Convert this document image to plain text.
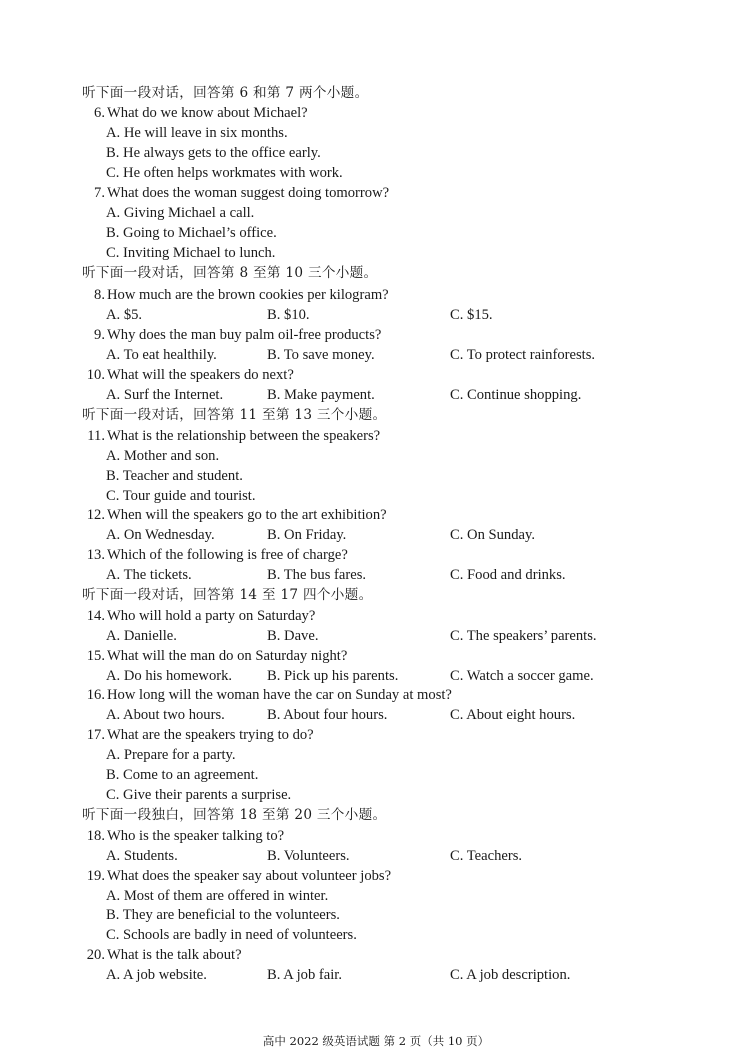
听下面一段对话，回答第 6 和第 7 两个小题。
6. What do we know about Michael?
A. He will leave in six months.
B. He always gets to the office early.
C. He often helps workmates with work.
7. What does the woman suggest doing tomorrow?
A. Giving Michael a call.
B. Going to Michael’s office.
C. Inviting Michael to lunch.
听下面一段对话，回答第 8 至第 10 三个小题。
8. How much are the brown cookies per kilogram?
A. $5.	B. $10.	C. $15.
9. Why does the man buy palm oil-free products?
A. To eat healthily.	B. To save money.	C. To protect rainforests.
10. What will the speakers do next?
A. Surf the Internet.	B. Make payment.	C. Continue shopping.
听下面一段对话，回答第 11 至第 13 三个小题。
11. What is the relationship between the speakers?
A. Mother and son.
B. Teacher and student.
C. Tour guide and tourist.
12. When will the speakers go to the art exhibition?
A. On Wednesday.	B. On Friday.	C. On Sunday.
13. Which of the following is free of charge?
A. The tickets.	B. The bus fares.	C. Food and drinks.
听下面一段对话，回答第 14 至 17 四个小题。
14. Who will hold a party on Saturday?
A. Danielle.	B. Dave.	C. The speakers’ parents.
15. What will the man do on Saturday night?
A. Do his homework. B. Pick up his parents.	C. Watch a soccer game.
16. How long will the woman have the car on Sunday at most?
A. About two hours.	B. About four hours.	C. About eight hours.
17. What are the speakers trying to do?
A. Prepare for a party.
B. Come to an agreement.
C. Give their parents a surprise.
听下面一段独白，回答第 18 至第 20 三个小题。
18. Who is the speaker talking to?
A. Students.	B. Volunteers.	C. Teachers.
19. What does the speaker say about volunteer jobs?
A. Most of them are offered in winter.
B. They are beneficial to the volunteers.
C. Schools are badly in need of volunteers.
20. What is the talk about?
A. A job website.	B. A job fair.	C. A job description.
高中 2022 级英语试题 第 2 页（共 10 页）
